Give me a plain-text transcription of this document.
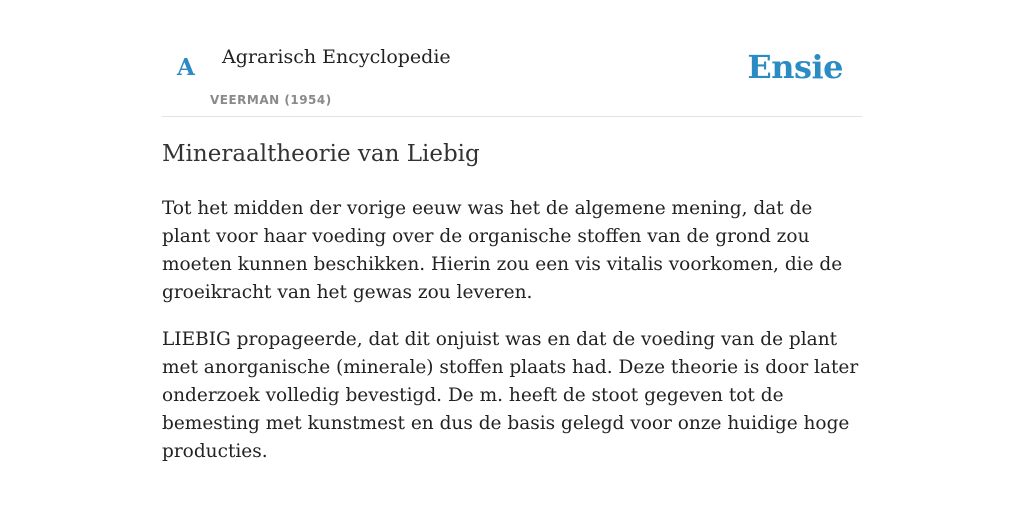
A Agrarisch Encyclopedie
VEERMAN (1954)
Ensie
Mineraaltheorie van Liebig

Tot het midden der vorige eeuw was het de algemene mening, dat de plant voor haar voeding over de organische stoffen van de grond zou moeten kunnen beschikken. Hierin zou een vis vitalis voorkomen, die de groeikracht van het gewas zou leveren.

LIEBIG propageerde, dat dit onjuist was en dat de voeding van de plant met anorganische (minerale) stoffen plaats had. Deze theorie is door later onderzoek volledig bevestigd. De m. heeft de stoot gegeven tot de bemesting met kunstmest en dus de basis gelegd voor onze huidige hoge producties.
